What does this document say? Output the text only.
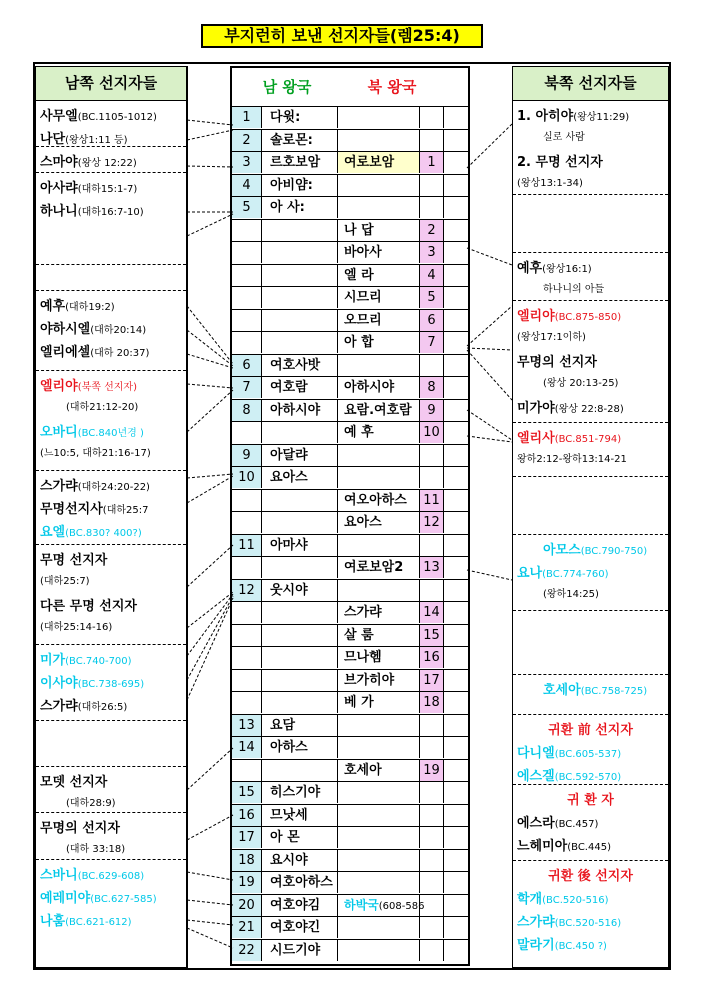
부지런히 보낸 선지자들(렘25:4)
남쪽 선지자들
사무엘(BC.1105-1012)
나단(왕상1:11 등)
스마야(왕상 12:22)
아사랴(대하15:1-7)
하나니(대하16:7-10)
예후(대하19:2)
야하시엘(대하20:14)
엘리에셀(대하 20:37)
엘리야(북쪽 선지자)
(대하21:12-20)
오바디(BC.840년경 )
(느10:5, 대하21:16-17)
스가랴(대하24:20-22)
무명선지사(대하25:7
요엘(BC.830? 400?)
무명 선지자
(대하25:7)
다른 무명 선지자
(대하25:14-16)
미가(BC.740-700)
이사야(BC.738-695)
스가랴(대하26:5)
모뎃 선지자
(대하28:9)
무명의 선지자
(대하 33:18)
스바니(BC.629-608)
예레미야(BC.627-585)
나훔(BC.621-612)
북쪽 선지자들
1. 아히야(왕상11:29)
실로 사람
2. 무명 선지자
(왕상13:1-34)
예후(왕상16:1)
하나니의 아들
엘리야(BC.875-850)
(왕상17:1이하)
무명의 선지자
(왕상 20:13-25)
미가야(왕상 22:8-28)
엘리사(BC.851-794)
왕하2:12-왕하13:14-21
아모스(BC.790-750)
요나(BC.774-760)
(왕하14:25)
호세아(BC.758-725)
귀환 前 선지자
다니엘(BC.605-537)
에스겔(BC.592-570)
귀 환 자
에스라(BC.457)
느헤미아(BC.445)
귀환 後 선지자
학개(BC.520-516)
스가랴(BC.520-516)
말라기(BC.450 ?)
남 왕국	북 왕국
1	다윗:
2	솔로몬:
3	르호보암	여로보암	1
4	아비얌:
5	아 사:
나 답	2
바아사	3
엘 라	4
시므리	5
오므리	6
아 합	7
6	여호사밧
7	여호람	아하시야	8
8	아하시야	요람.여호람	9
예 후	10
9	아달랴
10	요아스
여오아하스	11
요아스	12
11	아마샤
여로보암2	13
12	웃시야
스가랴	14
살 룸	15
므나헴	16
브가히야	17
베 가	18
13	요담
14	아하스
호세아	19
15	히스기야
16	므낫세
17	아 몬
18	요시야
19	여호아하스
20	여호야김	하박국(608-586
21	여호야긴
22	시드기야
